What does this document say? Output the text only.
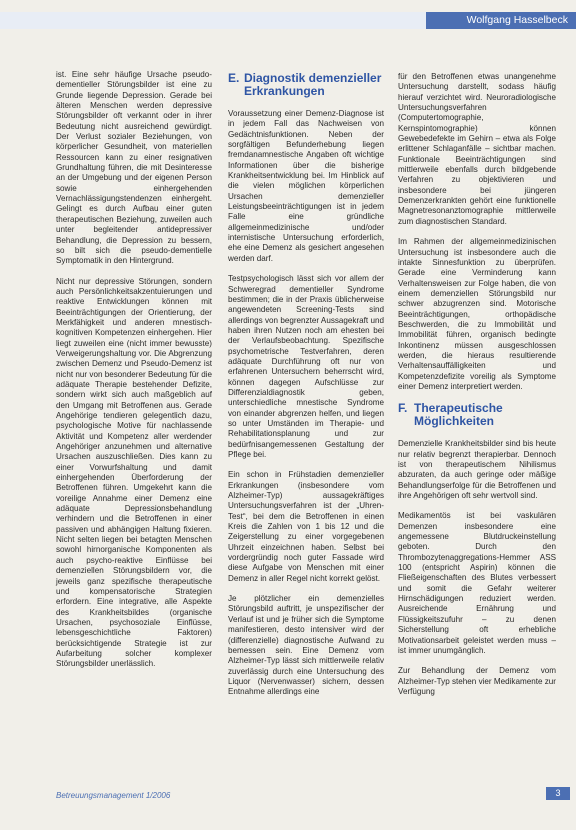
Wolfgang Hasselbeck

ist. Eine sehr häufige Ursache pseudo-dementieller Störungsbilder ist eine zu Grunde liegende Depression. Gerade bei älteren Menschen werden depressive Störungsbilder oft verkannt oder in ihrer Bedeutung nicht ausreichend gewürdigt. Der Verlust sozialer Beziehungen, von körperlicher Gesundheit, von materiellen Ressourcen kann zu einer resignativen Grundhaltung führen, die mit Desinteresse an der Umgebung und der eigenen Person sowie einhergehenden Vernachlässigungstendenzen einhergeht. Gelingt es durch Aufbau einer guten therapeutischen Beziehung, zuweilen auch unter begleitender antidepressiver Behandlung, die Depression zu bessern, so bilt sich die pseudo-dementielle Symptomatik in den Hintergrund.

Nicht nur depressive Störungen, sondern auch Persönlichkeitsakzentuierungen und reaktive Entwicklungen können mit Beeinträchtigungen der Orientierung, der Merkfähigkeit und anderen mnestisch-kognitiven Kompetenzen einhergehen. Hier liegt zuweilen eine (nicht immer bewusste) Verweigerungshaltung vor. Die Abgrenzung zwischen Demenz und Pseudo-Demenz ist nicht nur von besonderer Bedeutung für die adäquate Therapie bestehender Defizite, sondern wirkt sich auch maßgeblich auf den Umgang mit Betroffenen aus. Gerade Angehörige tendieren gelegentlich dazu, psychologische Motive für nachlassende Aktivität und Kompetenz aller werdender Angehöriger anzunehmen und alternative Ursachen auszuschließen. Dies kann zu einer Vorwurfshaltung und damit einhergehenden Überforderung der Betroffenen führen. Umgekehrt kann die voreilige Annahme einer Demenz eine adäquate Depressionsbehandlung verhindern und die Betroffenen in einer passiven und abhängigen Haltung fixieren. Nicht selten liegen bei betagten Menschen sowohl hirnorganische Komponenten als auch psycho-reaktive Einflüsse bei demenziellen Störungsbildern vor, die jeweils ganz spezifische therapeutische und kompensatorische Strategien erfordern. Eine integrative, alle Aspekte des Krankheitsbildes (organische Ursachen, psychosoziale Einflüsse, lebensgeschichtliche Faktoren) berücksichtigende Strategie ist zur Aufarbeitung solcher komplexer Störungsbilder unerlässlich.

E. Diagnostik demenzieller Erkrankungen

Voraussetzung einer Demenz-Diagnose ist in jedem Fall das Nachweisen von Gedächtnisfunktionen. Neben der sorgfältigen Befunderhebung liegen fremdanamnestische Angaben oft wichtige Informationen über die bisherige Krankheitsentwicklung bei. Im Hinblick auf die vielen möglichen körperlichen Ursachen demenzieller Leistungsbeeinträchtigungen ist in jedem Falle eine gründliche allgemeinmedizinische und/oder internistische Untersuchung erforderlich, ehe eine Demenz als gesichert angesehen werden darf.

Testpsychologisch lässt sich vor allem der Schweregrad dementieller Syndrome bestimmen; die in der Praxis üblicherweise angewendeten Screening-Tests sind allerdings von begrenzter Aussagekraft und haben ihren Nutzen noch am ehesten bei der Verlaufsbeobachtung. Spezifische psychometrische Testverfahren, deren adäquate Durchführung oft nur von erfahrenen Untersuchern beherrscht wird, können dagegen Aufschlüsse zur Differenzialdiagnostik geben, unterschiedliche mnestische Syndrome von einander abgrenzen helfen, und liegen so unter Umständen im Therapie- und Rehabilitationsplanung und zur bedürfnisangemessenen Gestaltung der Pflege bei.

Ein schon in Frühstadien demenzieller Erkrankungen (insbesondere vom Alzheimer-Typ) aussagekräftiges Untersuchungsverfahren ist der „Uhren-Test“, bei dem die Betroffenen in einen Kreis die Zahlen von 1 bis 12 und die Zeigerstellung zu einer vorgegebenen Uhrzeit einzeichnen haben. Selbst bei vordergründig noch guter Fassade wird diese Aufgabe von Menschen mit einer Demenz in aller Regel nicht korrekt gelöst.

Je plötzlicher ein demenzielles Störungsbild auftritt, je unspezifischer der Verlauf ist und je früher sich die Symptome manifestieren, desto intensiver wird der (differenzielle) diagnostische Aufwand zu bemessen sein. Eine Demenz vom Alzheimer-Typ lässt sich mittlerweile relativ zuverlässig durch eine Untersuchung des Liquor (Nervenwasser) sichern, dessen Entnahme allerdings eine

für den Betroffenen etwas unangenehme Untersuchung darstellt, sodass häufig hierauf verzichtet wird. Neuroradiologische Untersuchungsverfahren (Computertomographie, Kernspintomographie) können Gewebedefekte im Gehirn – etwa als Folge erlittener Schlaganfälle – sichtbar machen. Funktionale Beeinträchtigungen sind mittlerweile ebenfalls durch bildgebende Verfahren zu objektivieren und insbesondere bei jüngeren Demenzerkrankten gehört eine funktionelle Magnetresonanztomographie mittlerweile zum diagnostischen Standard.

Im Rahmen der allgemeinmedizinischen Untersuchung ist insbesondere auch die intakte Sinnesfunktion zu überprüfen. Gerade eine Verminderung kann Verhaltensweisen zur Folge haben, die von einem demenziellen Störungsbild nur schwer abzugrenzen sind. Motorische Beeinträchtigungen, orthopädische Beschwerden, die zu Immobilität und Immobilität führen, organisch bedingte Inkontinenz müssen ausgeschlossen werden, die hieraus resultierende Verhaltensauffälligkeiten und Kompetenzdefizite voreilig als Symptome einer Demenz interpretiert werden.

F. Therapeutische Möglichkeiten

Demenzielle Krankheitsbilder sind bis heute nur relativ begrenzt therapierbar. Dennoch ist von therapeutischem Nihilismus abzuraten, da auch geringe oder mäßige Behandlungserfolge für die Betroffenen und ihre Angehörigen oft sehr wertvoll sind.

Medikamentös ist bei vaskulären Demenzen insbesondere eine angemessene Blutdruckeinstellung geboten. Durch den Thrombozytenaggregations-Hemmer ASS 100 (entspricht Aspirin) können die Fließeigenschaften des Blutes verbessert und somit die Gefahr weiterer Hirnschädigungen reduziert werden. Ausreichende Ernährung und Flüssigkeitszufuhr – zu denen Sicherstellung oft erhebliche Motivationsarbeit geleistet werden muss – ist immer unumgänglich.

Zur Behandlung der Demenz vom Alzheimer-Typ stehen vier Medikamente zur Verfügung

Betreuungsmanagement 1/2006	3
